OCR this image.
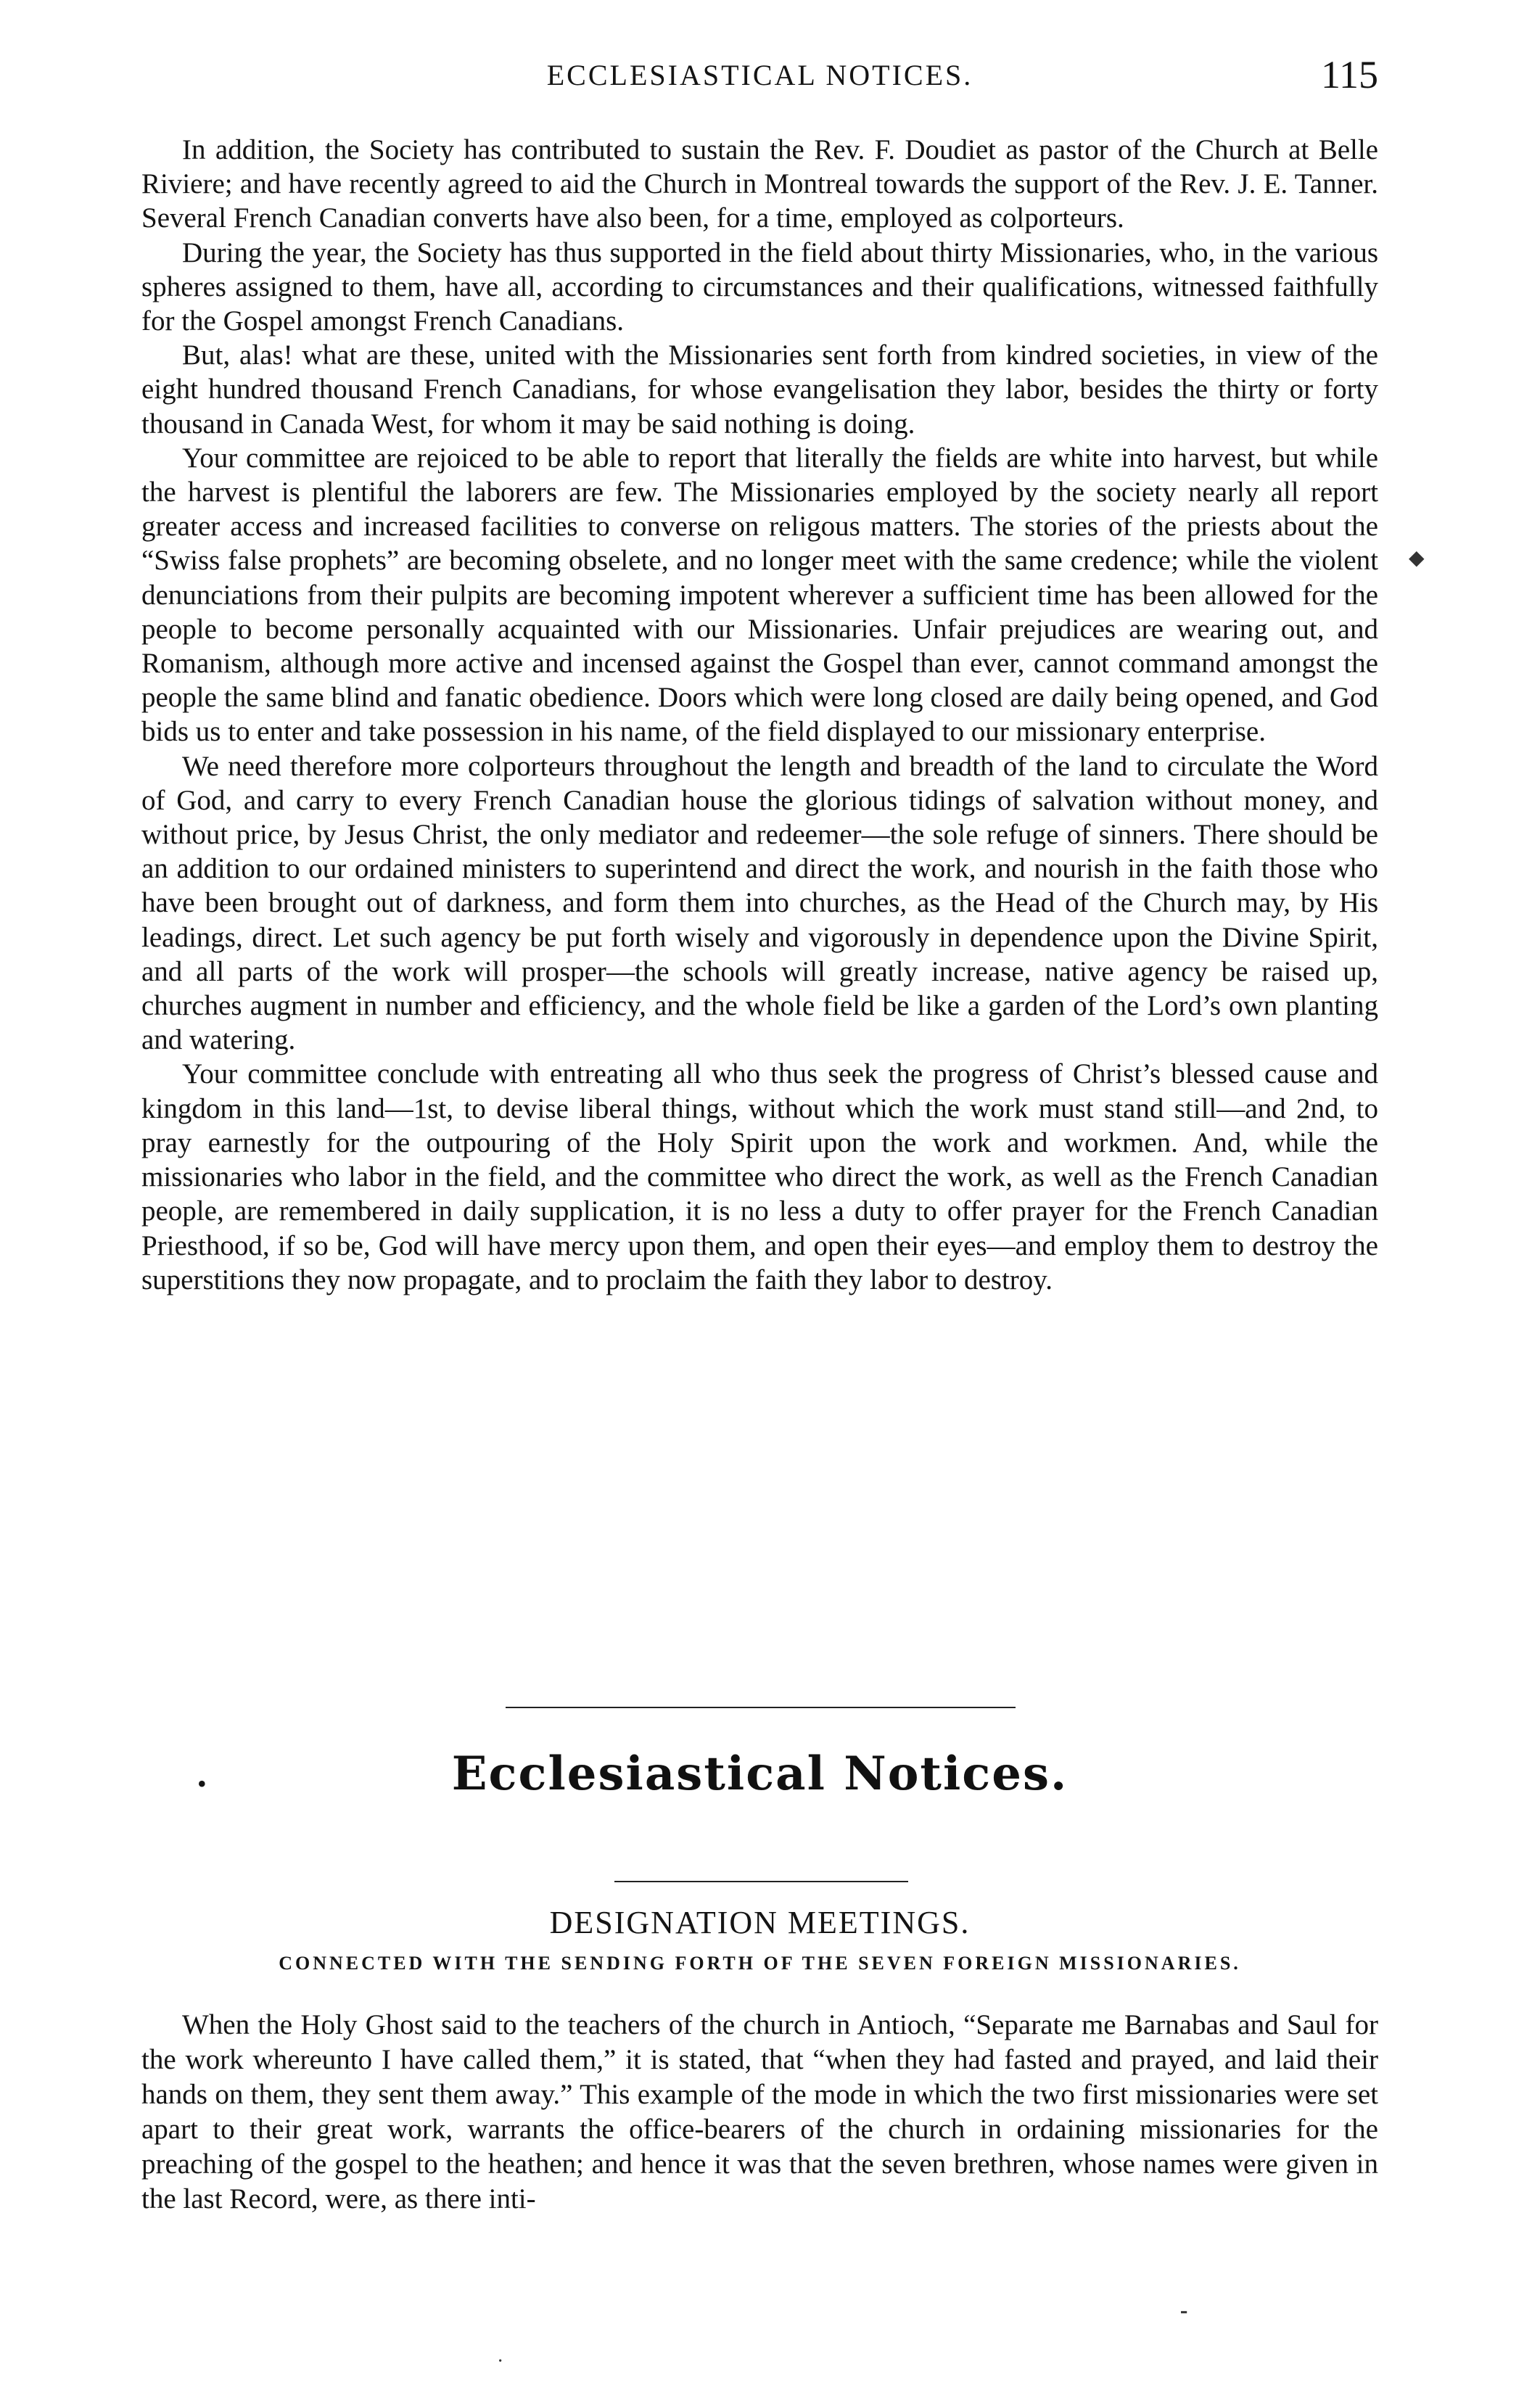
ECCLESIASTICAL NOTICES.	115

In addition, the Society has contributed to sustain the Rev. F. Doudiet as pastor of the Church at Belle Riviere; and have recently agreed to aid the Church in Montreal towards the support of the Rev. J. E. Tanner. Several French Canadian converts have also been, for a time, employed as colporteurs.

During the year, the Society has thus supported in the field about thirty Missionaries, who, in the various spheres assigned to them, have all, according to circumstances and their qualifications, witnessed faithfully for the Gospel amongst French Canadians.

But, alas! what are these, united with the Missionaries sent forth from kindred societies, in view of the eight hundred thousand French Canadians, for whose evangelisation they labor, besides the thirty or forty thousand in Canada West, for whom it may be said nothing is doing.

Your committee are rejoiced to be able to report that literally the fields are white into harvest, but while the harvest is plentiful the laborers are few. The Missionaries employed by the society nearly all report greater access and increased facilities to converse on religous matters. The stories of the priests about the “Swiss false prophets” are becoming obselete, and no longer meet with the same credence; while the violent denunciations from their pulpits are becoming impotent wherever a sufficient time has been allowed for the people to become personally acquainted with our Missionaries. Unfair prejudices are wearing out, and Romanism, although more active and incensed against the Gospel than ever, cannot command amongst the people the same blind and fanatic obedience. Doors which were long closed are daily being opened, and God bids us to enter and take possession in his name, of the field displayed to our missionary enterprise.

We need therefore more colporteurs throughout the length and breadth of the land to circulate the Word of God, and carry to every French Canadian house the glorious tidings of salvation without money, and without price, by Jesus Christ, the only mediator and redeemer—the sole refuge of sinners. There should be an addition to our ordained ministers to superintend and direct the work, and nourish in the faith those who have been brought out of darkness, and form them into churches, as the Head of the Church may, by His leadings, direct. Let such agency be put forth wisely and vigorously in dependence upon the Divine Spirit, and all parts of the work will prosper—the schools will greatly increase, native agency be raised up, churches augment in number and efficiency, and the whole field be like a garden of the Lord’s own planting and watering.

Your committee conclude with entreating all who thus seek the progress of Christ’s blessed cause and kingdom in this land—1st, to devise liberal things, without which the work must stand still—and 2nd, to pray earnestly for the outpouring of the Holy Spirit upon the work and workmen. And, while the missionaries who labor in the field, and the committee who direct the work, as well as the French Canadian people, are remembered in daily supplication, it is no less a duty to offer prayer for the French Canadian Priesthood, if so be, God will have mercy upon them, and open their eyes—and employ them to destroy the superstitions they now propagate, and to proclaim the faith they labor to destroy.

•	Ecclesiastical Notices.
DESIGNATION MEETINGS.
CONNECTED WITH THE SENDING FORTH OF THE SEVEN FOREIGN MISSIONARIES.

When the Holy Ghost said to the teachers of the church in Antioch, “Separate me Barnabas and Saul for the work whereunto I have called them,” it is stated, that “when they had fasted and prayed, and laid their hands on them, they sent them away.” This example of the mode in which the two first missionaries were set apart to their great work, warrants the office-bearers of the church in ordaining missionaries for the preaching of the gospel to the heathen; and hence it was that the seven brethren, whose names were given in the last Record, were, as there inti-

◆
⁃
·
